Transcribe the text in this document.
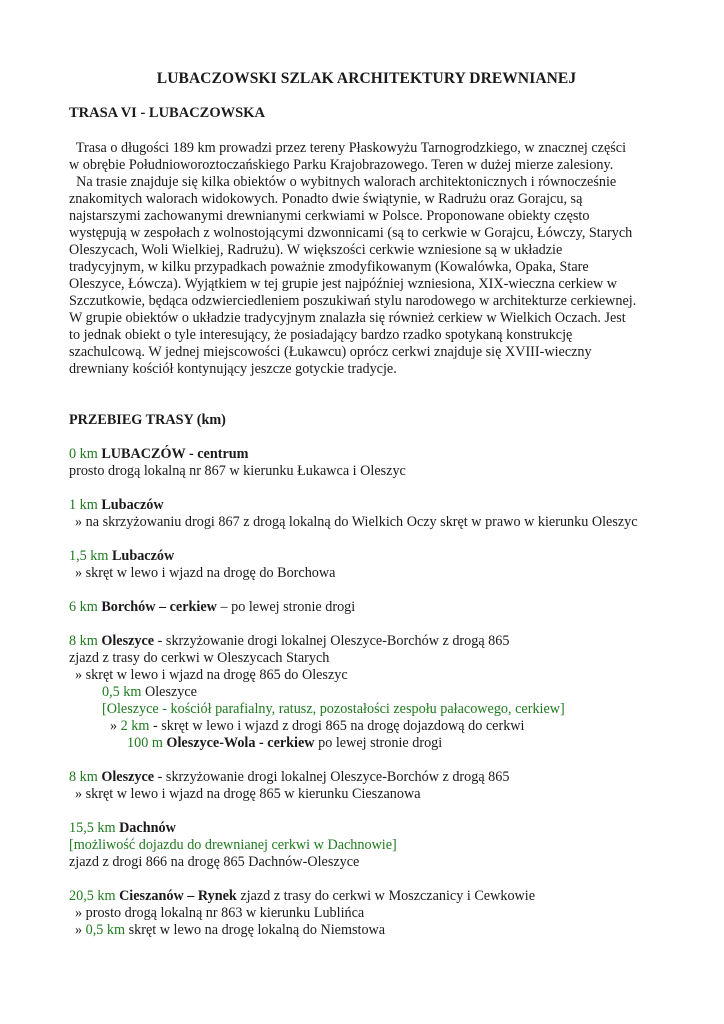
LUBACZOWSKI SZLAK ARCHITEKTURY DREWNIANEJ
TRASA VI - LUBACZOWSKA
Trasa o długości 189 km prowadzi przez tereny Płaskowyżu Tarnogrodzkiego, w znacznej części
w obrębie Południoworoztoczańskiego Parku Krajobrazowego. Teren w dużej mierze zalesiony.
Na trasie znajduje się kilka obiektów o wybitnych walorach architektonicznych i równocześnie
znakomitych walorach widokowych. Ponadto dwie świątynie, w Radrużu oraz Gorajcu, są
najstarszymi zachowanymi drewnianymi cerkwiami w Polsce. Proponowane obiekty często
występują w zespołach z wolnostojącymi dzwonnicami (są to cerkwie w Gorajcu, Łówczy, Starych
Oleszycach, Woli Wielkiej, Radrużu). W większości cerkwie wzniesione są w układzie
tradycyjnym, w kilku przypadkach poważnie zmodyfikowanym (Kowalówka, Opaka, Stare
Oleszyce, Łówcza). Wyjątkiem w tej grupie jest najpóźniej wzniesiona, XIX-wieczna cerkiew w
Szczutkowie, będąca odzwierciedleniem poszukiwań stylu narodowego w architekturze cerkiewnej.
W grupie obiektów o układzie tradycyjnym znalazła się również cerkiew w Wielkich Oczach. Jest
to jednak obiekt o tyle interesujący, że posiadający bardzo rzadko spotykaną konstrukcję
szachulcową. W jednej miejscowości (Łukawcu) oprócz cerkwi znajduje się XVIII-wieczny
drewniany kościół kontynujący jeszcze gotyckie tradycje.
PRZEBIEG TRASY (km)
0 km LUBACZÓW - centrum
prosto drogą lokalną nr 867 w kierunku Łukawca i Oleszyc
1 km Lubaczów
» na skrzyżowaniu drogi 867 z drogą lokalną do Wielkich Oczy skręt w prawo w kierunku Oleszyc
1,5 km Lubaczów
» skręt w lewo i wjazd na drogę do Borchowa
6 km Borchów – cerkiew – po lewej stronie drogi
8 km Oleszyce - skrzyżowanie drogi lokalnej Oleszyce-Borchów z drogą 865
zjazd z trasy do cerkwi w Oleszycach Starych
» skręt w lewo i wjazd na drogę 865 do Oleszyc
0,5 km Oleszyce
[Oleszyce - kościół parafialny, ratusz, pozostałości zespołu pałacowego, cerkiew]
» 2 km - skręt w lewo i wjazd z drogi 865 na drogę dojazdową do cerkwi
100 m Oleszyce-Wola - cerkiew po lewej stronie drogi
8 km Oleszyce - skrzyżowanie drogi lokalnej Oleszyce-Borchów z drogą 865
» skręt w lewo i wjazd na drogę 865 w kierunku Cieszanowa
15,5 km Dachnów
[możliwość dojazdu do drewnianej cerkwi w Dachnowie]
zjazd z drogi 866 na drogę 865 Dachnów-Oleszyce
20,5 km Cieszanów – Rynek zjazd z trasy do cerkwi w Moszczanicy i Cewkowie
» prosto drogą lokalną nr 863 w kierunku Lublińca
» 0,5 km skręt w lewo na drogę lokalną do Niemstowa
